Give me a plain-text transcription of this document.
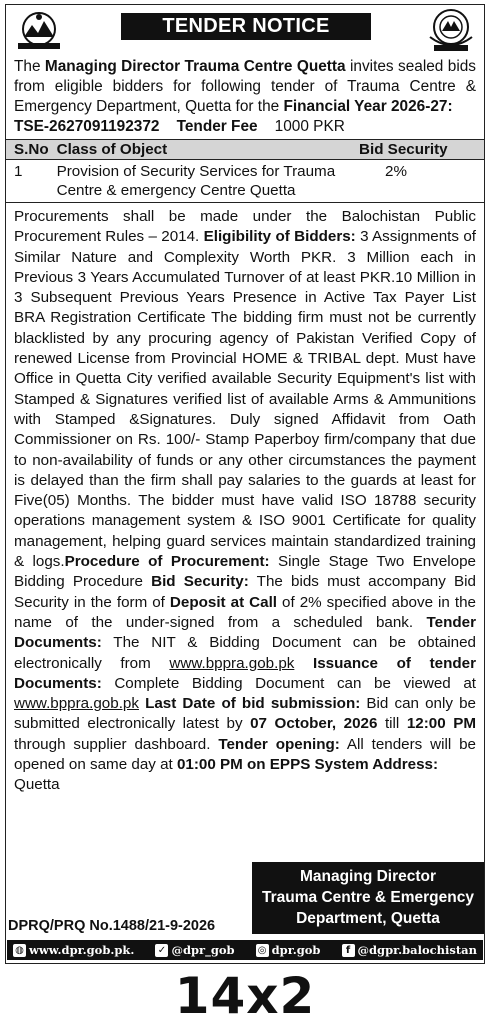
TENDER NOTICE
The Managing Director Trauma Centre Quetta invites sealed bids from eligible bidders for following tender of Trauma Centre & Emergency Department, Quetta for the Financial Year 2026-27:
TSE-2627091192372 Tender Fee 1000 PKR
S.No	Class of Object	Bid Security
1	Provision of Security Services for Trauma Centre & emergency Centre Quetta	2%
Procurements shall be made under the Balochistan Public Procurement Rules – 2014. Eligibility of Bidders: 3 Assignments of Similar Nature and Complexity Worth PKR. 3 Million each in Previous 3 Years Accumulated Turnover of at least PKR.10 Million in 3 Subsequent Previous Years Presence in Active Tax Payer List BRA Registration Certificate The bidding firm must not be currently blacklisted by any procuring agency of Pakistan Verified Copy of renewed License from Provincial HOME & TRIBAL dept. Must have Office in Quetta City verified available Security Equipment's list with Stamped & Signatures verified list of available Arms & Ammunitions with Stamped &Signatures. Duly signed Affidavit from Oath Commissioner on Rs. 100/- Stamp Paperboy firm/company that due to non-availability of funds or any other circumstances the payment is delayed than the firm shall pay salaries to the guards at least for Five(05) Months. The bidder must have valid ISO 18788 security operations management system & ISO 9001 Certificate for quality management, helping guard services maintain standardized training & logs.Procedure of Procurement: Single Stage Two Envelope Bidding Procedure Bid Security: The bids must accompany Bid Security in the form of Deposit at Call of 2% specified above in the name of the under-signed from a scheduled bank. Tender Documents: The NIT & Bidding Document can be obtained electronically from www.bppra.gob.pk Issuance of tender Documents: Complete Bidding Document can be viewed at www.bppra.gob.pk Last Date of bid submission: Bid can only be submitted electronically latest by 07 October, 2026 till 12:00 PM through supplier dashboard. Tender opening: All tenders will be opened on same day at 01:00 PM on EPPS System Address:
Quetta
Managing Director
Trauma Centre & Emergency
Department, Quetta
DPRQ/PRQ No.1488/21-9-2026
◍ www.dpr.gob.pk. ✓ @dpr_gob ◎ dpr.gob	f @dgpr.balochistan
14x2
